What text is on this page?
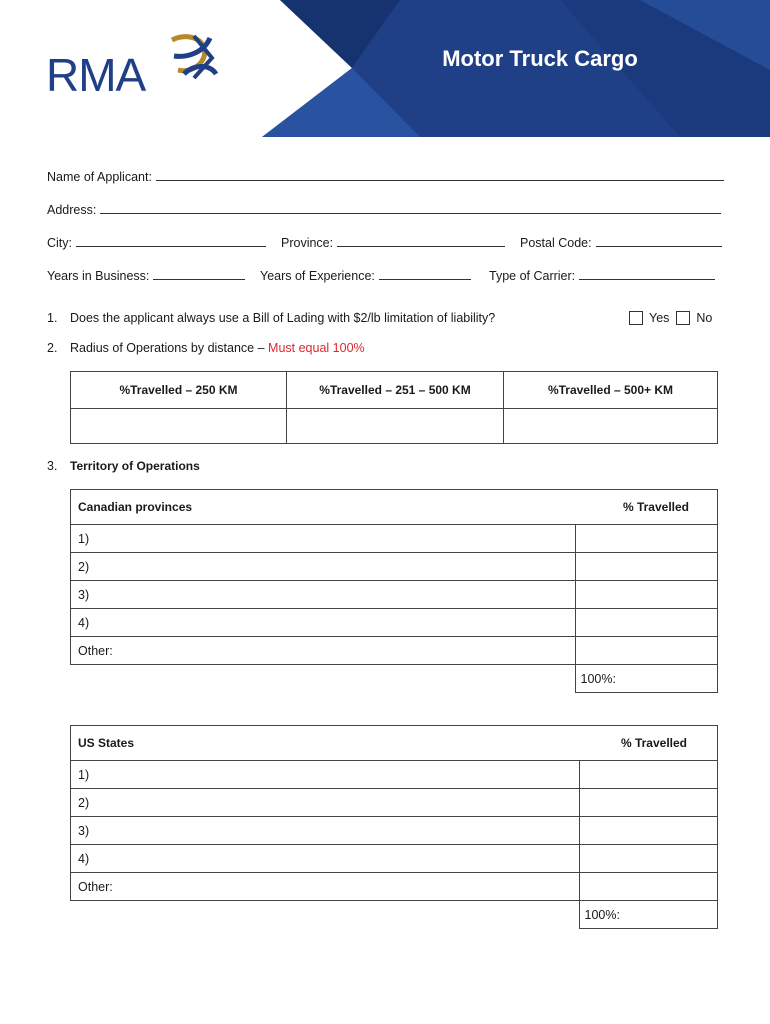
RMA	Motor Truck Cargo
Name of Applicant:
Address:
City:	Province:	Postal Code:
Years in Business:	Years of Experience:	Type of Carrier:
1. Does the applicant always use a Bill of Lading with $2/lb limitation of liability?	Yes No
2. Radius of Operations by distance – Must equal 100%
%Travelled – 250 KM	%Travelled – 251 – 500 KM	%Travelled – 500+ KM

3. Territory of Operations
Canadian provinces	% Travelled
1)	
2)	
3)	
4)	
Other:	
	100%:
US States	% Travelled
1)	
2)	
3)	
4)	
Other:	
	100%:
